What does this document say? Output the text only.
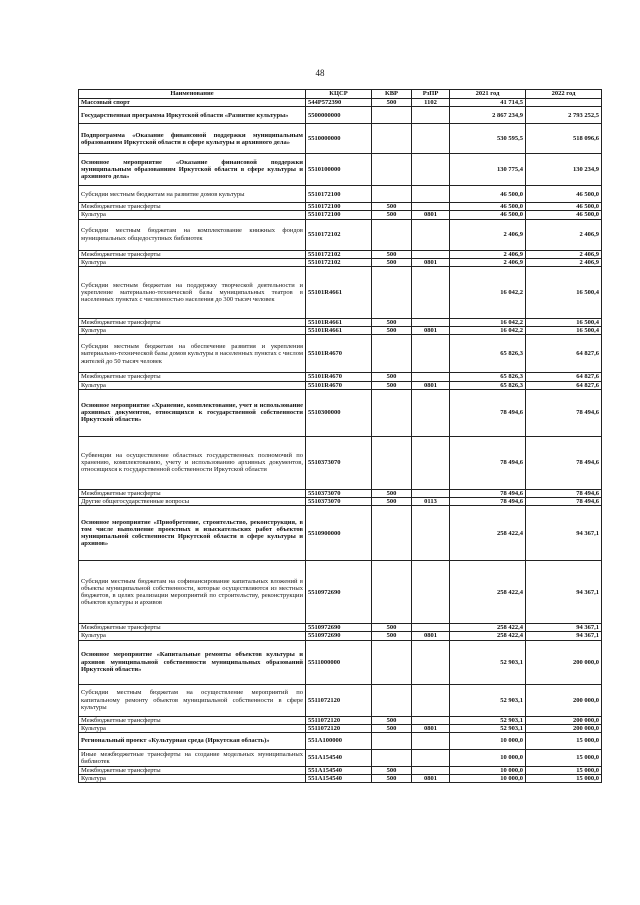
48
Наименование	КЦСР	КВР	РзПР	2021 год	2022 год
Массовый спорт	544Р572390	500	1102	41 714,5	
Государственная программа Иркутской области «Развитие культуры»	5500000000			2 867 234,9	2 793 252,5
Подпрограмма «Оказание финансовой поддержки муниципальным образованиям Иркутской области в сфере культуры и архивного дела»	5510000000			530 595,5	518 096,6
Основное мероприятие «Оказание финансовой поддержки муниципальным образованиям Иркутской области в сфере культуры и архивного дела»	5510100000			130 775,4	130 234,9
Субсидии местным бюджетам на развитие домов культуры	5510172100			46 500,0	46 500,0
Межбюджетные трансферты	5510172100	500		46 500,0	46 500,0
Культура	5510172100	500	0801	46 500,0	46 500,0
Субсидии местным бюджетам на комплектование книжных фондов муниципальных общедоступных библиотек	5510172102			2 406,9	2 406,9
Межбюджетные трансферты	5510172102	500		2 406,9	2 406,9
Культура	5510172102	500	0801	2 406,9	2 406,9
Субсидии местным бюджетам на поддержку творческой деятельности и укрепление материально-технической базы муниципальных театров в населенных пунктах с численностью населения до 300 тысяч человек	55101R4661			16 042,2	16 500,4
Межбюджетные трансферты	55101R4661	500		16 042,2	16 500,4
Культура	55101R4661	500	0801	16 042,2	16 500,4
Субсидии местным бюджетам на обеспечение развития и укрепления материально-технической базы домов культуры в населенных пунктах с числом жителей до 50 тысяч человек	55101R4670			65 826,3	64 827,6
Межбюджетные трансферты	55101R4670	500		65 826,3	64 827,6
Культура	55101R4670	500	0801	65 826,3	64 827,6
Основное мероприятие «Хранение, комплектование, учет и использование архивных документов, относящихся к государственной собственности Иркутской области»	5510300000			78 494,6	78 494,6
Субвенции на осуществление областных государственных полномочий по хранению, комплектованию, учету и использованию архивных документов, относящихся к государственной собственности Иркутской области	5510373070			78 494,6	78 494,6
Межбюджетные трансферты	5510373070	500		78 494,6	78 494,6
Другие общегосударственные вопросы	5510373070	500	0113	78 494,6	78 494,6
Основное мероприятие «Приобретение, строительство, реконструкция, в том числе выполнение проектных и изыскательских работ объектов муниципальной собственности Иркутской области в сфере культуры и архивов»	5510900000			258 422,4	94 367,1
Субсидии местным бюджетам на софинансирование капитальных вложений в объекты муниципальной собственности, которые осуществляются из местных бюджетов, в целях реализации мероприятий по строительству, реконструкции объектов культуры и архивов	5510972690			258 422,4	94 367,1
Межбюджетные трансферты	5510972690	500		258 422,4	94 367,1
Культура	5510972690	500	0801	258 422,4	94 367,1
Основное мероприятие «Капитальные ремонты объектов культуры и архивов муниципальной собственности муниципальных образований Иркутской области»	5511000000			52 903,1	200 000,0
Субсидии местным бюджетам на осуществление мероприятий по капитальному ремонту объектов муниципальной собственности в сфере культуры	5511072120			52 903,1	200 000,0
Межбюджетные трансферты	5511072120	500		52 903,1	200 000,0
Культура	5511072120	500	0801	52 903,1	200 000,0
Региональный проект «Культурная среда (Иркутская область)»	551А100000			10 000,0	15 000,0
Иные межбюджетные трансферты на создание модельных муниципальных библиотек	551А154540			10 000,0	15 000,0
Межбюджетные трансферты	551А154540	500		10 000,0	15 000,0
Культура	551А154540	500	0801	10 000,0	15 000,0
